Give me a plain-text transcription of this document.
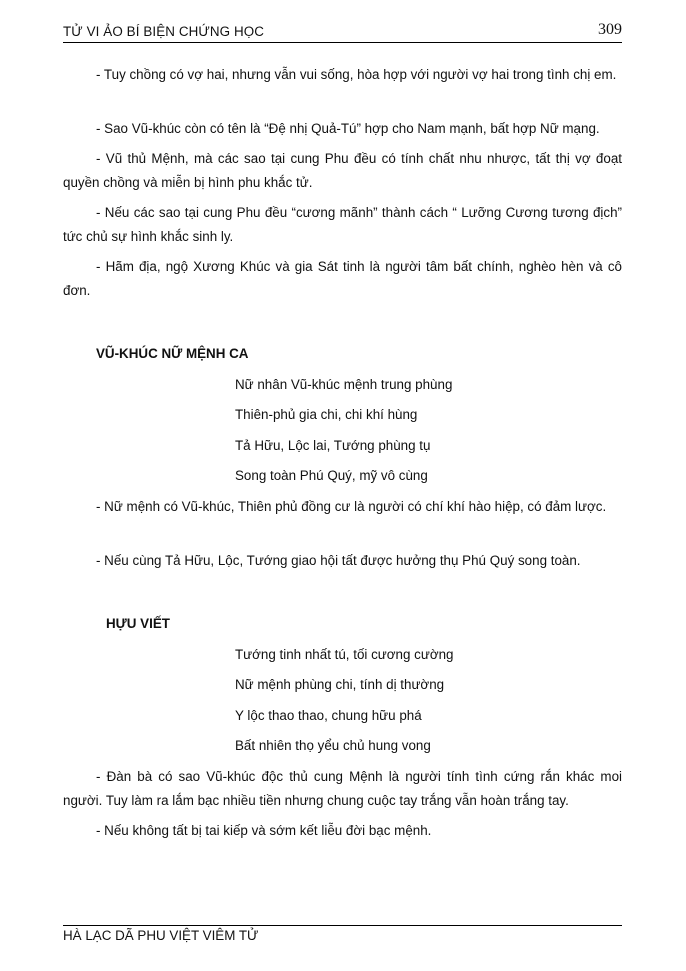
TỬ VI ẢO BÍ BIỆN CHỨNG HỌC	309

- Tuy chồng có vợ hai, nhưng vẫn vui sống, hòa hợp với người vợ hai trong tình chị em.

- Sao Vũ-khúc còn có tên là “Đệ nhị Quả-Tú” hợp cho Nam mạnh, bất hợp Nữ mạng.

- Vũ thủ Mệnh, mà các sao tại cung Phu đều có tính chất nhu nhược, tất thị vợ đoạt quyền chồng và miễn bị hình phu khắc tử.

- Nếu các sao tại cung Phu đều “cương mãnh” thành cách “ Lưỡng Cương tương địch” tức chủ sự hình khắc sinh ly.

- Hãm địa, ngộ Xương Khúc và gia Sát tinh là người tâm bất chính, nghèo hèn và cô đơn.

VŨ-KHÚC NỮ MỆNH CA

Nữ nhân Vũ-khúc mệnh trung phùng

Thiên-phủ gia chi, chi khí hùng

Tả Hữu, Lộc lai, Tướng phùng tụ

Song toàn Phú Quý, mỹ vô cùng

- Nữ mệnh có Vũ-khúc, Thiên phủ đồng cư là người có chí khí hào hiệp, có đảm lược.

- Nếu cùng Tả Hữu, Lộc, Tướng giao hội tất được hưởng thụ Phú Quý song toàn.

HỰU VIẾT

Tướng tinh nhất tú, tối cương cường

Nữ mệnh phùng chi, tính dị thường

Y lộc thao thao, chung hữu phá

Bất nhiên thọ yểu chủ hung vong

- Đàn bà có sao Vũ-khúc độc thủ cung Mệnh là người tính tình cứng rắn khác moi người. Tuy làm ra lắm bạc nhiều tiền nhưng chung cuộc tay trắng vẫn hoàn trắng tay.

- Nếu không tất bị tai kiếp và sớm kết liễu đời bạc mệnh.

HÀ LẠC DÃ PHU VIỆT VIÊM TỬ
